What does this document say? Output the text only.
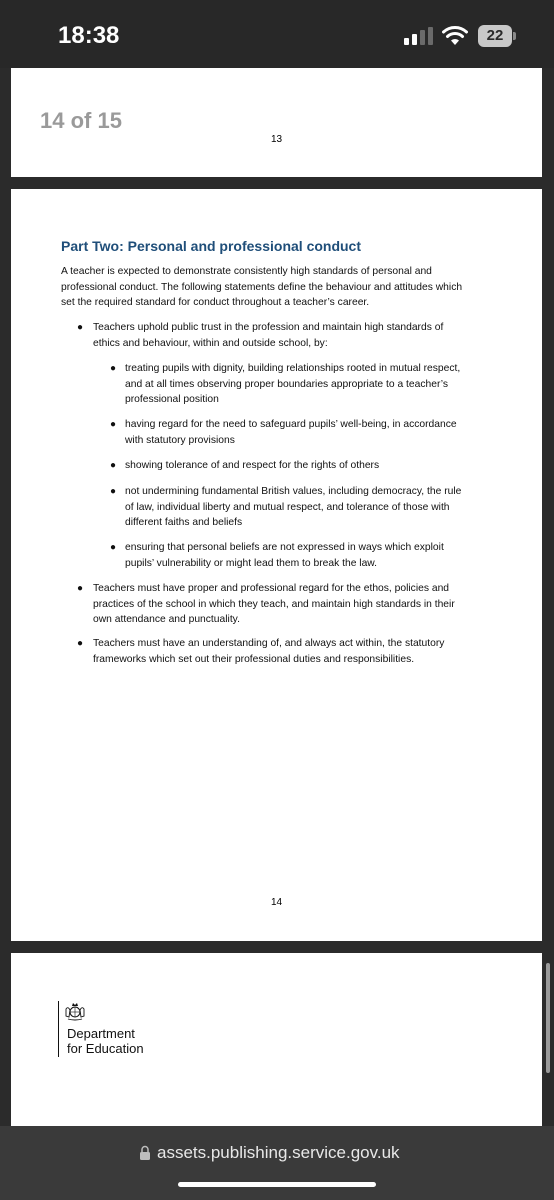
18:38	22
14 of 15
13
Part Two: Personal and professional conduct
A teacher is expected to demonstrate consistently high standards of personal and
professional conduct. The following statements define the behaviour and attitudes which
set the required standard for conduct throughout a teacher’s career.
● Teachers uphold public trust in the profession and maintain high standards of
ethics and behaviour, within and outside school, by:
● treating pupils with dignity, building relationships rooted in mutual respect,
and at all times observing proper boundaries appropriate to a teacher’s
professional position
● having regard for the need to safeguard pupils’ well-being, in accordance
with statutory provisions
● showing tolerance of and respect for the rights of others
● not undermining fundamental British values, including democracy, the rule
of law, individual liberty and mutual respect, and tolerance of those with
different faiths and beliefs
● ensuring that personal beliefs are not expressed in ways which exploit
pupils’ vulnerability or might lead them to break the law.
● Teachers must have proper and professional regard for the ethos, policies and
practices of the school in which they teach, and maintain high standards in their
own attendance and punctuality.
● Teachers must have an understanding of, and always act within, the statutory
frameworks which set out their professional duties and responsibilities.
14
Department
for Education
assets.publishing.service.gov.uk
